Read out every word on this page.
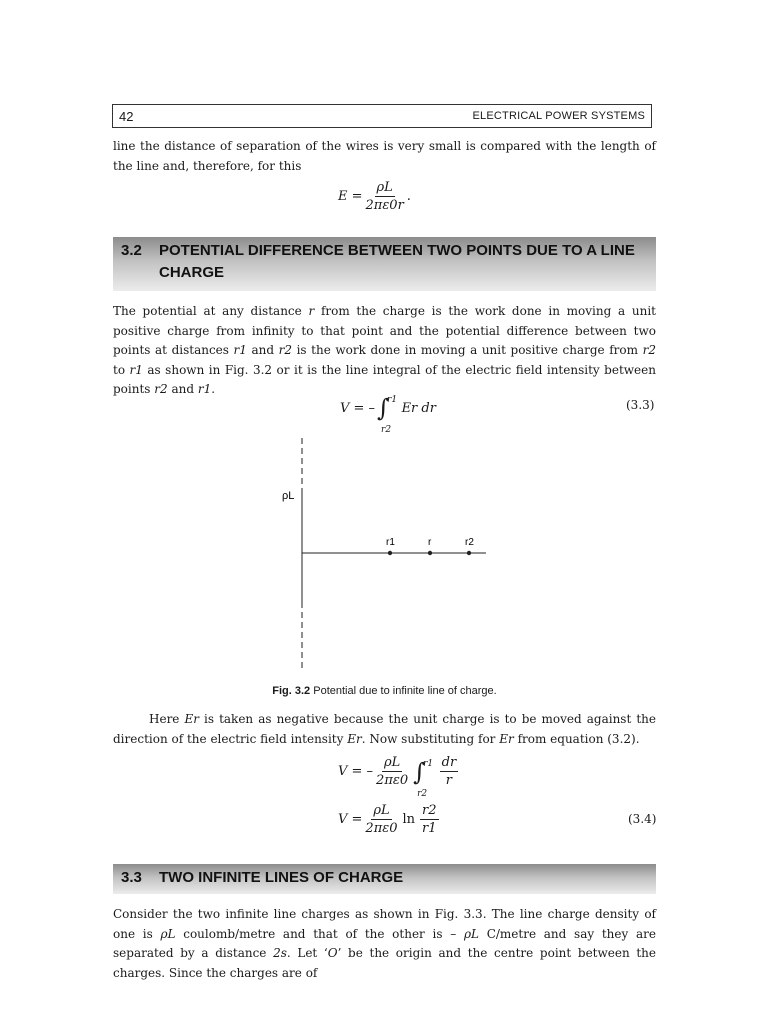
42	ELECTRICAL POWER SYSTEMS

line the distance of separation of the wires is very small is compared with the length of the line and, therefore, for this

$E = \frac{\rho L}{2\pi\varepsilon 0r}$ .
3.2	POTENTIAL DIFFERENCE BETWEEN TWO POINTS DUE TO A LINE CHARGE

The potential at any distance r from the charge is the work done in moving a unit positive charge from infinity to that point and the potential difference between two points at distances r1 and r2 is the work done in moving a unit positive charge from r2 to r1 as shown in Fig. 3.2 or it is the line integral of the electric field intensity between points r2 and r1.

V = – ∫
r1
r2
Er dr	(3.3)
ρL
r1	r	r2
Fig. 3.2 Potential due to infinite line of charge.

Here Er is taken as negative because the unit charge is to be moved against the direction of the electric field intensity Er. Now substituting for Er from equation (3.2).

V = – $\frac{\rho L}{2\pi\varepsilon 0}$ ∫
r1
r2
$\frac{dr}{r}$
$V = \frac{\rho L}{2\pi\varepsilon 0}$ $\ln \frac{r2}{r1}$	(3.4)
3.3	TWO INFINITE LINES OF CHARGE

Consider the two infinite line charges as shown in Fig. 3.3. The line charge density of one is ρL coulomb/metre and that of the other is – ρL C/metre and say they are separated by a distance 2s. Let ‘O’ be the origin and the centre point between the charges. Since the charges are of
